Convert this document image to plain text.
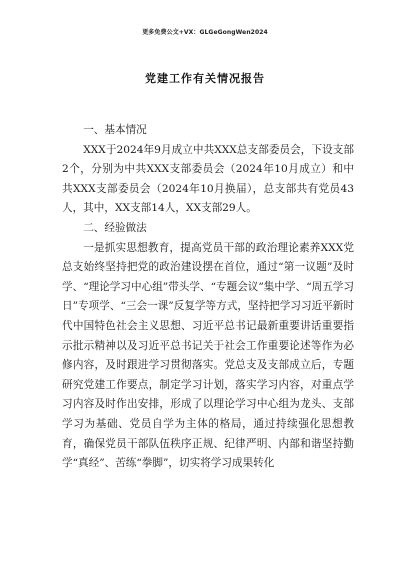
更多免费公文+VX：GLGeGongWen2024
党建工作有关情况报告

一、基本情况

XXX于2024年9月成立中共XXX总支部委员会，下设支部2个，分别为中共XXX支部委员会（2024年10月成立）和中共XXX支部委员会（2024年10月换届），总支部共有党员43人，其中，XX支部14人，XX支部29人。

二、经验做法

一是抓实思想教育，提高党员干部的政治理论素养XXX党总支始终坚持把党的政治建设摆在首位，通过“第一议题”及时学、“理论学习中心组”带头学、“专题会议”集中学、“周五学习日”专项学、“三会一课”反复学等方式，坚持把学习习近平新时代中国特色社会主义思想、习近平总书记最新重要讲话重要指示批示精神以及习近平总书记关于社会工作重要论述等作为必修内容，及时跟进学习贯彻落实。党总支及支部成立后，专题研究党建工作要点，制定学习计划，落实学习内容，对重点学习内容及时作出安排，形成了以理论学习中心组为龙头、支部学习为基础、党员自学为主体的格局，通过持续强化思想教育，确保党员干部队伍秩序正规、纪律严明、内部和谐坚持勤学“真经”、苦练“拳脚”，切实将学习成果转化
